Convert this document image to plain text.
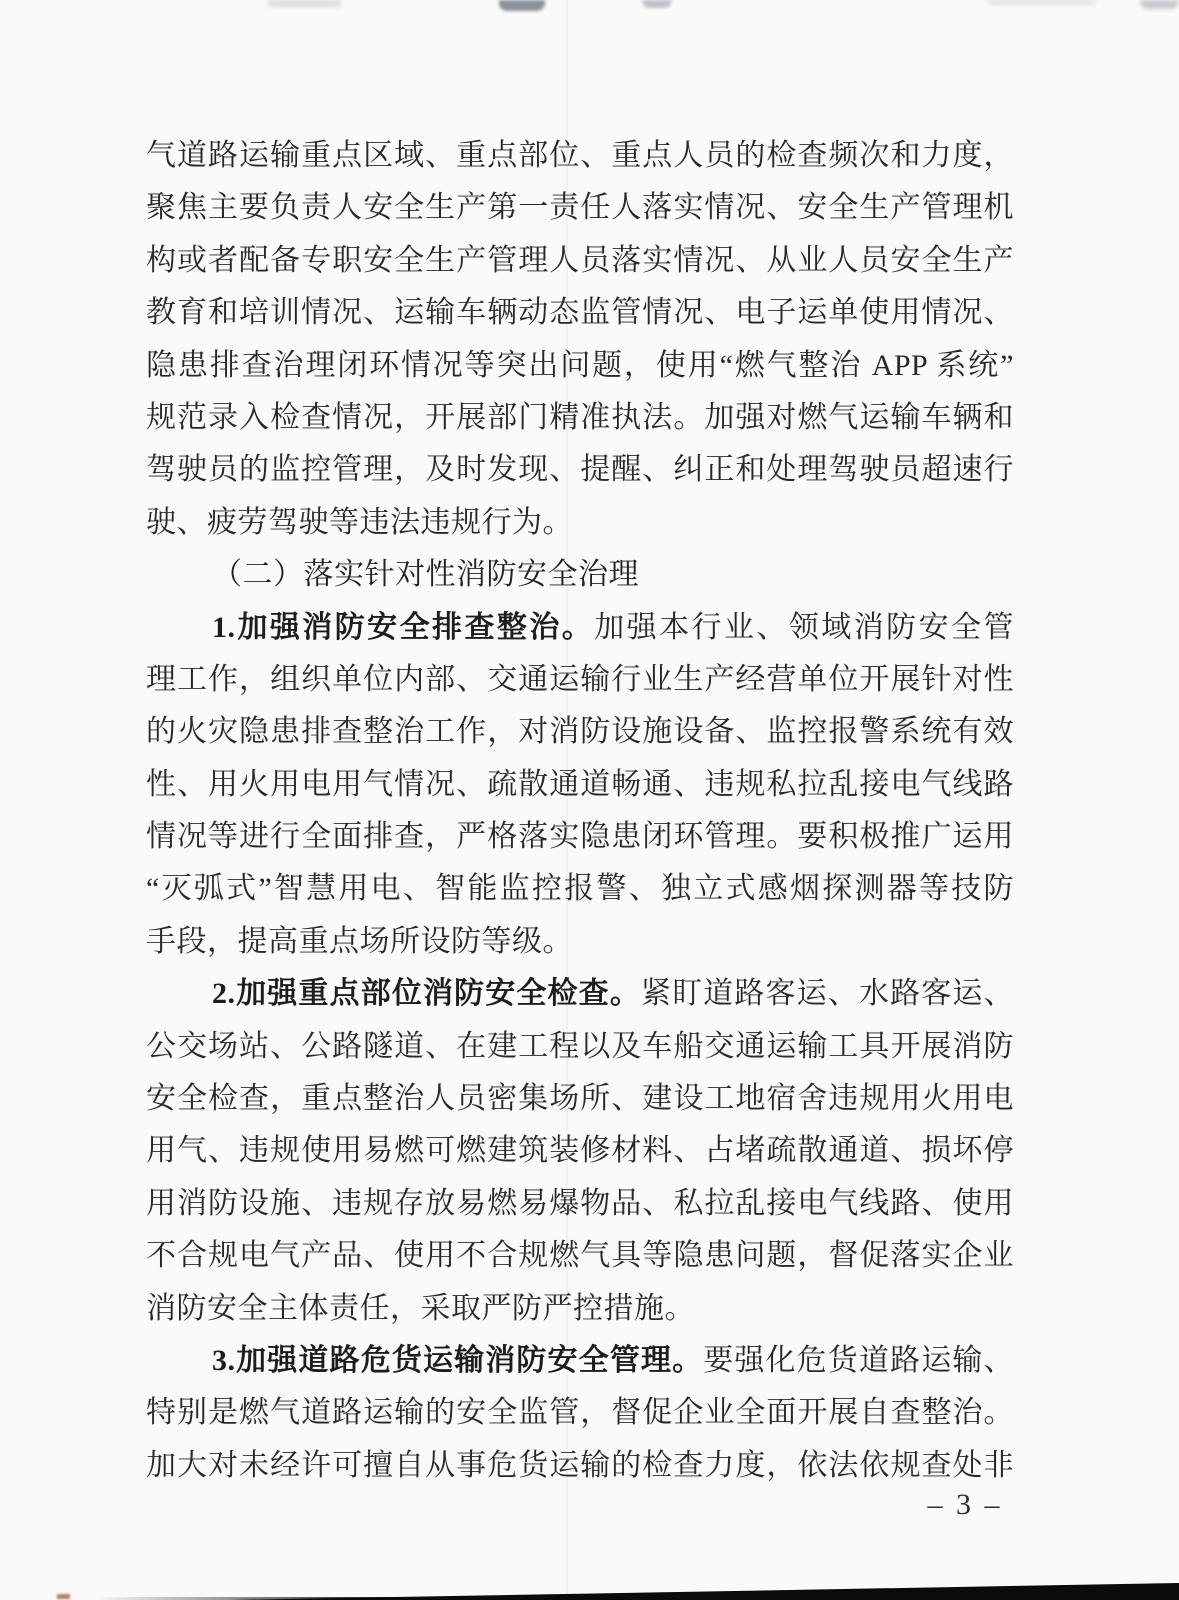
气道路运输重点区域、重点部位、重点人员的检查频次和力度，
聚焦主要负责人安全生产第一责任人落实情况、安全生产管理机
构或者配备专职安全生产管理人员落实情况、从业人员安全生产
教育和培训情况、运输车辆动态监管情况、电子运单使用情况、
隐患排查治理闭环情况等突出问题，使用“燃气整治 APP 系统”
规范录入检查情况，开展部门精准执法。加强对燃气运输车辆和
驾驶员的监控管理，及时发现、提醒、纠正和处理驾驶员超速行
驶、疲劳驾驶等违法违规行为。
（二）落实针对性消防安全治理
1.加强消防安全排查整治。加强本行业、领域消防安全管
理工作，组织单位内部、交通运输行业生产经营单位开展针对性
的火灾隐患排查整治工作，对消防设施设备、监控报警系统有效
性、用火用电用气情况、疏散通道畅通、违规私拉乱接电气线路
情况等进行全面排查，严格落实隐患闭环管理。要积极推广运用
“灭弧式”智慧用电、智能监控报警、独立式感烟探测器等技防
手段，提高重点场所设防等级。
2.加强重点部位消防安全检查。紧盯道路客运、水路客运、
公交场站、公路隧道、在建工程以及车船交通运输工具开展消防
安全检查，重点整治人员密集场所、建设工地宿舍违规用火用电
用气、违规使用易燃可燃建筑装修材料、占堵疏散通道、损坏停
用消防设施、违规存放易燃易爆物品、私拉乱接电气线路、使用
不合规电气产品、使用不合规燃气具等隐患问题，督促落实企业
消防安全主体责任，采取严防严控措施。
3.加强道路危货运输消防安全管理。要强化危货道路运输、
特别是燃气道路运输的安全监管，督促企业全面开展自查整治。
加大对未经许可擅自从事危货运输的检查力度，依法依规查处非
– 3 –
